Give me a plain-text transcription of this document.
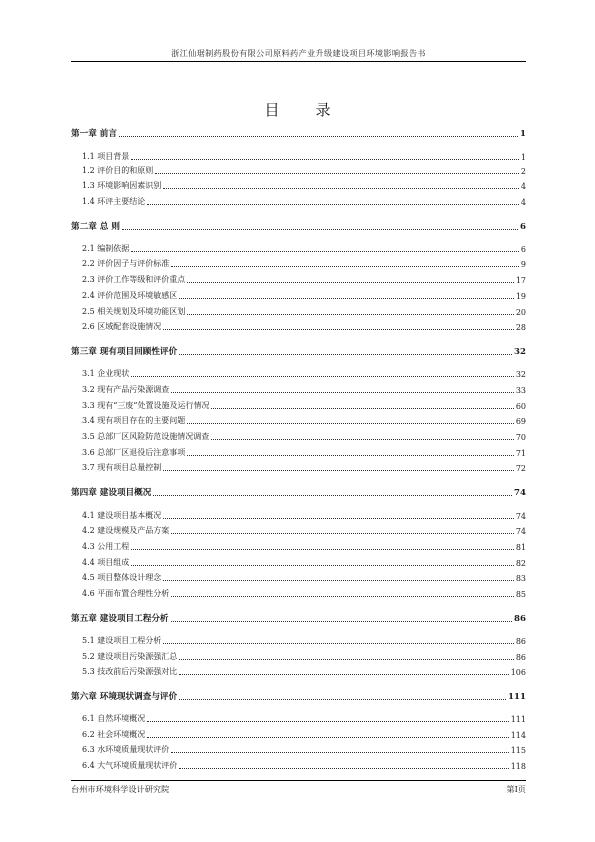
浙江仙琚制药股份有限公司原料药产业升级建设项目环境影响报告书
目录
第一章 前言	1
1.1 项目背景	1
1.2 评价目的和原则	2
1.3 环境影响因素识别	4
1.4 环评主要结论	4
第二章 总 则	6
2.1 编制依据	6
2.2 评价因子与评价标准	9
2.3 评价工作等级和评价重点	17
2.4 评价范围及环境敏感区	19
2.5 相关规划及环境功能区划	20
2.6 区域配套设施情况	28
第三章 现有项目回顾性评价	32
3.1 企业现状	32
3.2 现有产品污染源调查	33
3.3 现有“三废”处置设施及运行情况	60
3.4 现有项目存在的主要问题	69
3.5 总部厂区风险防范设施情况调查	70
3.6 总部厂区退役后注意事项	71
3.7 现有项目总量控制	72
第四章 建设项目概况	74
4.1 建设项目基本概况	74
4.2 建设规模及产品方案	74
4.3 公用工程	81
4.4 项目组成	82
4.5 项目整体设计理念	83
4.6 平面布置合理性分析	85
第五章 建设项目工程分析	86
5.1 建设项目工程分析	86
5.2 建设项目污染源强汇总	86
5.3 技改前后污染源强对比	106
第六章 环境现状调查与评价	111
6.1 自然环境概况	111
6.2 社会环境概况	114
6.3 水环境质量现状评价	115
6.4 大气环境质量现状评价	118
台州市环境科学设计研究院	第I页
